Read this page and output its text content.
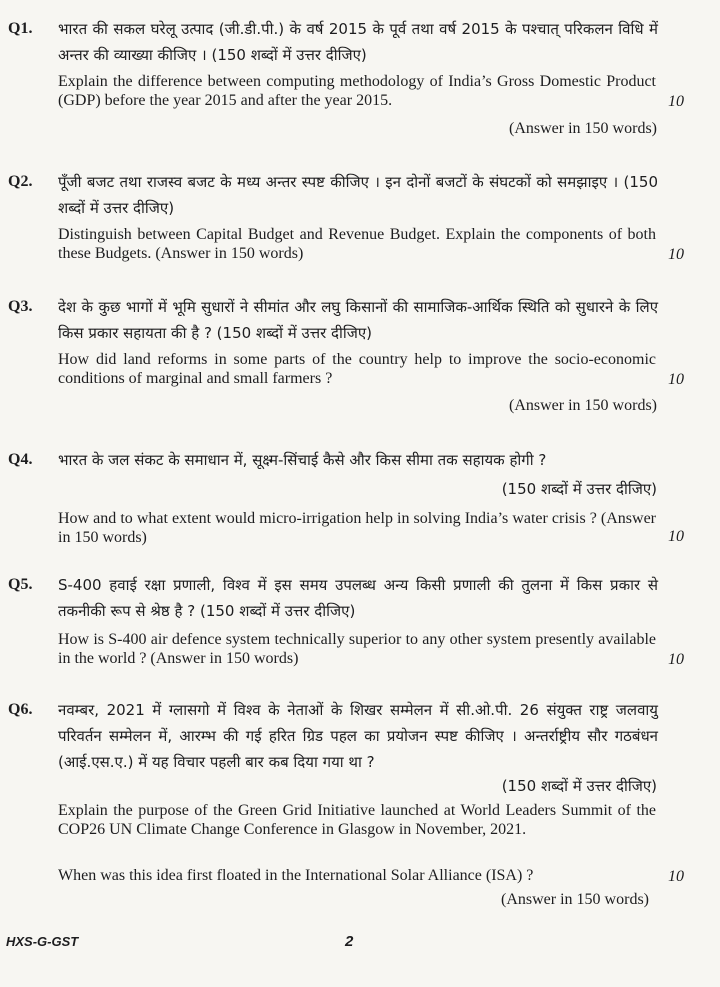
Q1. भारत की सकल घरेलू उत्पाद (जी.डी.पी.) के वर्ष 2015 के पूर्व तथा वर्ष 2015 के पश्चात् परिकलन विधि में अन्तर की व्याख्या कीजिए । (150 शब्दों में उत्तर दीजिए)
Explain the difference between computing methodology of India’s Gross Domestic Product (GDP) before the year 2015 and after the year 2015.	10
(Answer in 150 words)
Q2. पूँजी बजट तथा राजस्व बजट के मध्य अन्तर स्पष्ट कीजिए । इन दोनों बजटों के संघटकों को समझाइए । (150 शब्दों में उत्तर दीजिए)
Distinguish between Capital Budget and Revenue Budget. Explain the components of both these Budgets. (Answer in 150 words)	10
Q3. देश के कुछ भागों में भूमि सुधारों ने सीमांत और लघु किसानों की सामाजिक-आर्थिक स्थिति को सुधारने के लिए किस प्रकार सहायता की है ? (150 शब्दों में उत्तर दीजिए)
How did land reforms in some parts of the country help to improve the socio-economic conditions of marginal and small farmers ?	10
(Answer in 150 words)
Q4. भारत के जल संकट के समाधान में, सूक्ष्म-सिंचाई कैसे और किस सीमा तक सहायक होगी ?
(150 शब्दों में उत्तर दीजिए)
How and to what extent would micro-irrigation help in solving India’s water crisis ? (Answer in 150 words)	10
Q5. S-400 हवाई रक्षा प्रणाली, विश्व में इस समय उपलब्ध अन्य किसी प्रणाली की तुलना में किस प्रकार से तकनीकी रूप से श्रेष्ठ है ? (150 शब्दों में उत्तर दीजिए)
How is S-400 air defence system technically superior to any other system presently available in the world ? (Answer in 150 words)	10
Q6. नवम्बर, 2021 में ग्लासगो में विश्व के नेताओं के शिखर सम्मेलन में सी.ओ.पी. 26 संयुक्त राष्ट्र जलवायु परिवर्तन सम्मेलन में, आरम्भ की गई हरित ग्रिड पहल का प्रयोजन स्पष्ट कीजिए । अन्तर्राष्ट्रीय सौर गठबंधन (आई.एस.ए.) में यह विचार पहली बार कब दिया गया था ?
(150 शब्दों में उत्तर दीजिए)
Explain the purpose of the Green Grid Initiative launched at World Leaders Summit of the COP26 UN Climate Change Conference in Glasgow in November, 2021.
When was this idea first floated in the International Solar Alliance (ISA) ?	10
(Answer in 150 words)
HXS-G-GST	2
